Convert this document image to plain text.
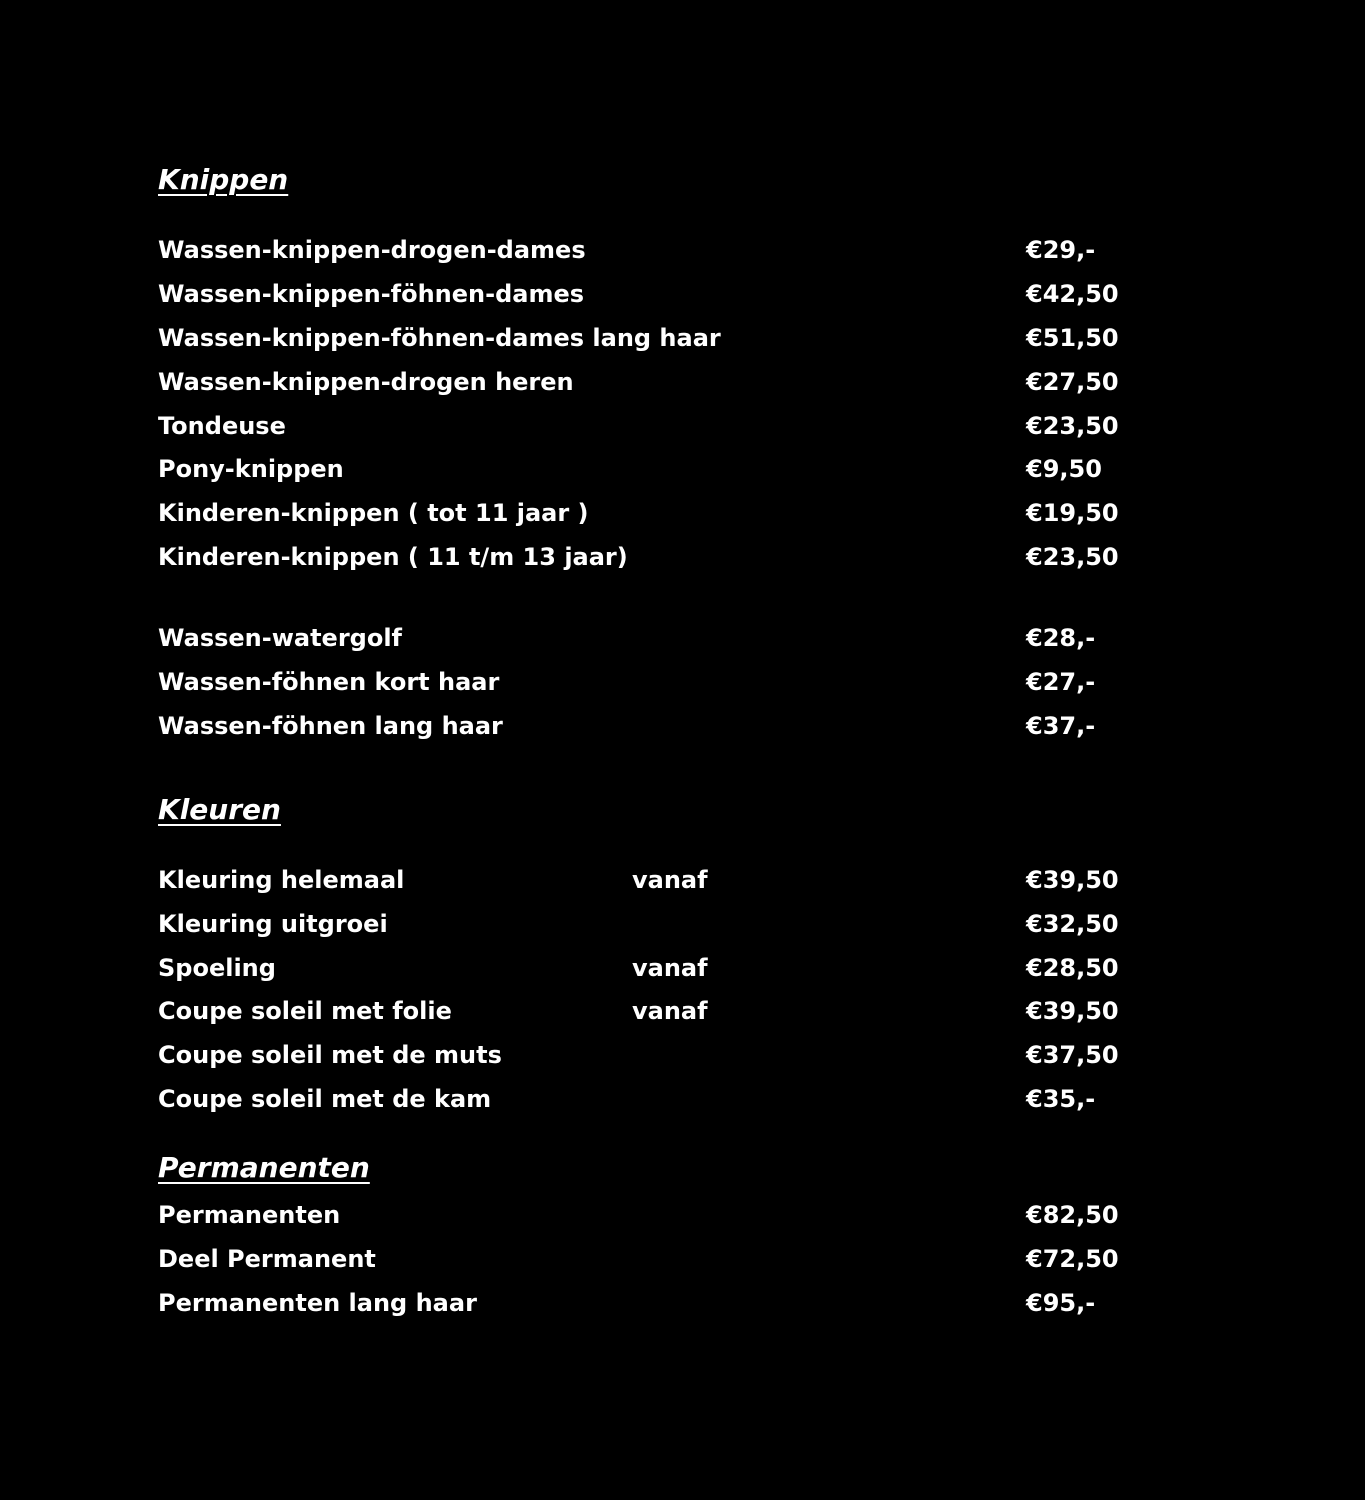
Knippen
Wassen-knippen-drogen-dames	€29,-
Wassen-knippen-föhnen-dames	€42,50
Wassen-knippen-föhnen-dames lang haar	€51,50
Wassen-knippen-drogen heren	€27,50
Tondeuse	€23,50
Pony-knippen	€9,50
Kinderen-knippen ( tot 11 jaar )	€19,50
Kinderen-knippen ( 11 t/m 13 jaar)	€23,50
Wassen-watergolf	€28,-
Wassen-föhnen kort haar	€27,-
Wassen-föhnen lang haar	€37,-
Kleuren
Kleuring helemaal	vanaf	€39,50
Kleuring uitgroei	€32,50
Spoeling	vanaf	€28,50
Coupe soleil met folie	vanaf	€39,50
Coupe soleil met de muts	€37,50
Coupe soleil met de kam	€35,-
Permanenten
Permanenten	€82,50
Deel Permanent	€72,50
Permanenten lang haar	€95,-
